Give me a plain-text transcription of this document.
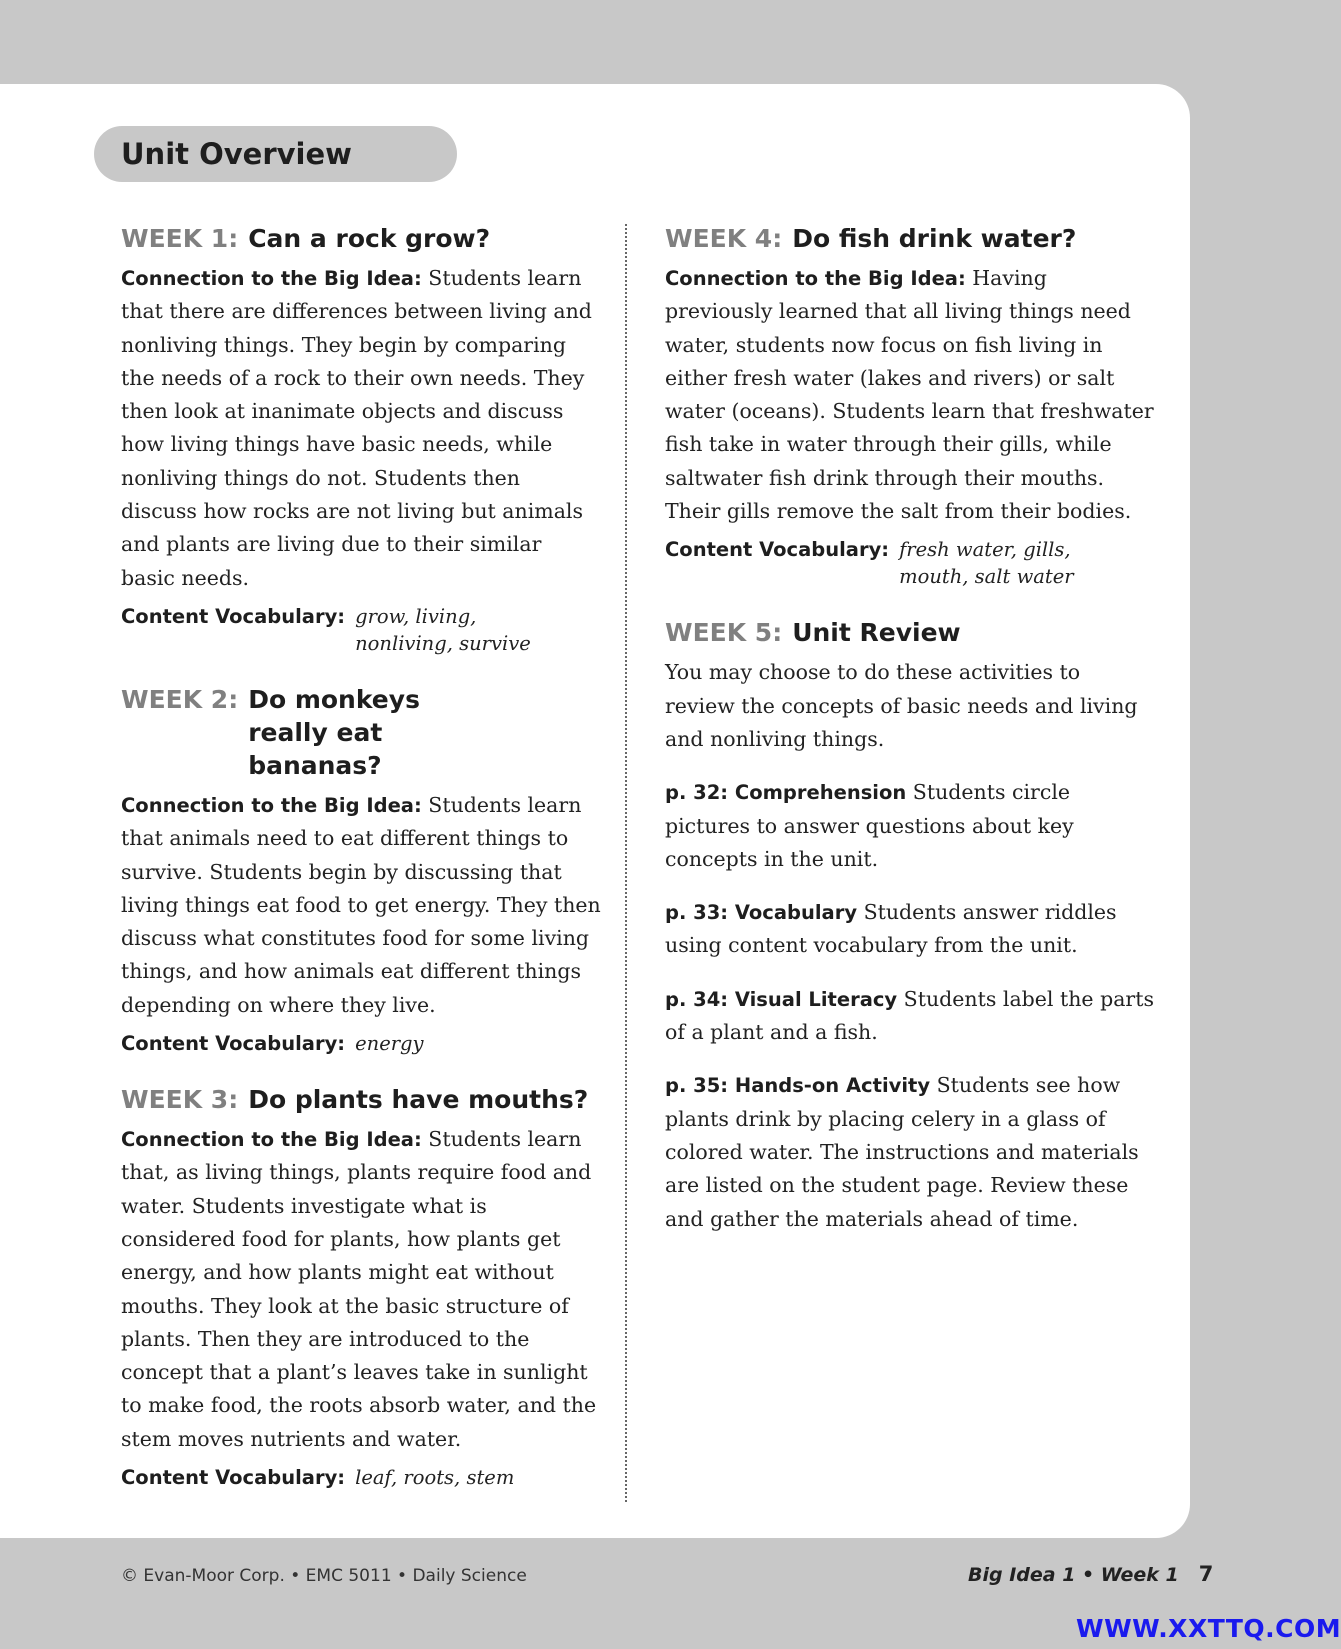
Unit Overview
WEEK 1: Can a rock grow?

Connection to the Big Idea: Students learn that there are differences between living and nonliving things. They begin by comparing the needs of a rock to their own needs. They then look at inanimate objects and discuss how living things have basic needs, while nonliving things do not. Students then discuss how rocks are not living but animals and plants are living due to their similar basic needs.

Content Vocabulary: grow, living, nonliving, survive
WEEK 2: Do monkeys really eat bananas?

Connection to the Big Idea: Students learn that animals need to eat different things to survive. Students begin by discussing that living things eat food to get energy. They then discuss what constitutes food for some living things, and how animals eat different things depending on where they live.

Content Vocabulary: energy
WEEK 3: Do plants have mouths?

Connection to the Big Idea: Students learn that, as living things, plants require food and water. Students investigate what is considered food for plants, how plants get energy, and how plants might eat without mouths. They look at the basic structure of plants. Then they are introduced to the concept that a plant’s leaves take in sunlight to make food, the roots absorb water, and the stem moves nutrients and water.

Content Vocabulary: leaf, roots, stem
WEEK 4: Do fish drink water?

Connection to the Big Idea: Having previously learned that all living things need water, students now focus on fish living in either fresh water (lakes and rivers) or salt water (oceans). Students learn that freshwater fish take in water through their gills, while saltwater fish drink through their mouths. Their gills remove the salt from their bodies.

Content Vocabulary: fresh water, gills, mouth, salt water
WEEK 5: Unit Review

You may choose to do these activities to review the concepts of basic needs and living and nonliving things.

p. 32: Comprehension Students circle pictures to answer questions about key concepts in the unit.

p. 33: Vocabulary Students answer riddles using content vocabulary from the unit.

p. 34: Visual Literacy Students label the parts of a plant and a fish.

p. 35: Hands-on Activity Students see how plants drink by placing celery in a glass of colored water. The instructions and materials are listed on the student page. Review these and gather the materials ahead of time.

© Evan-Moor Corp. • EMC 5011 • Daily Science	Big Idea 1 • Week 1 7
WWW.XXTTQ.COM
